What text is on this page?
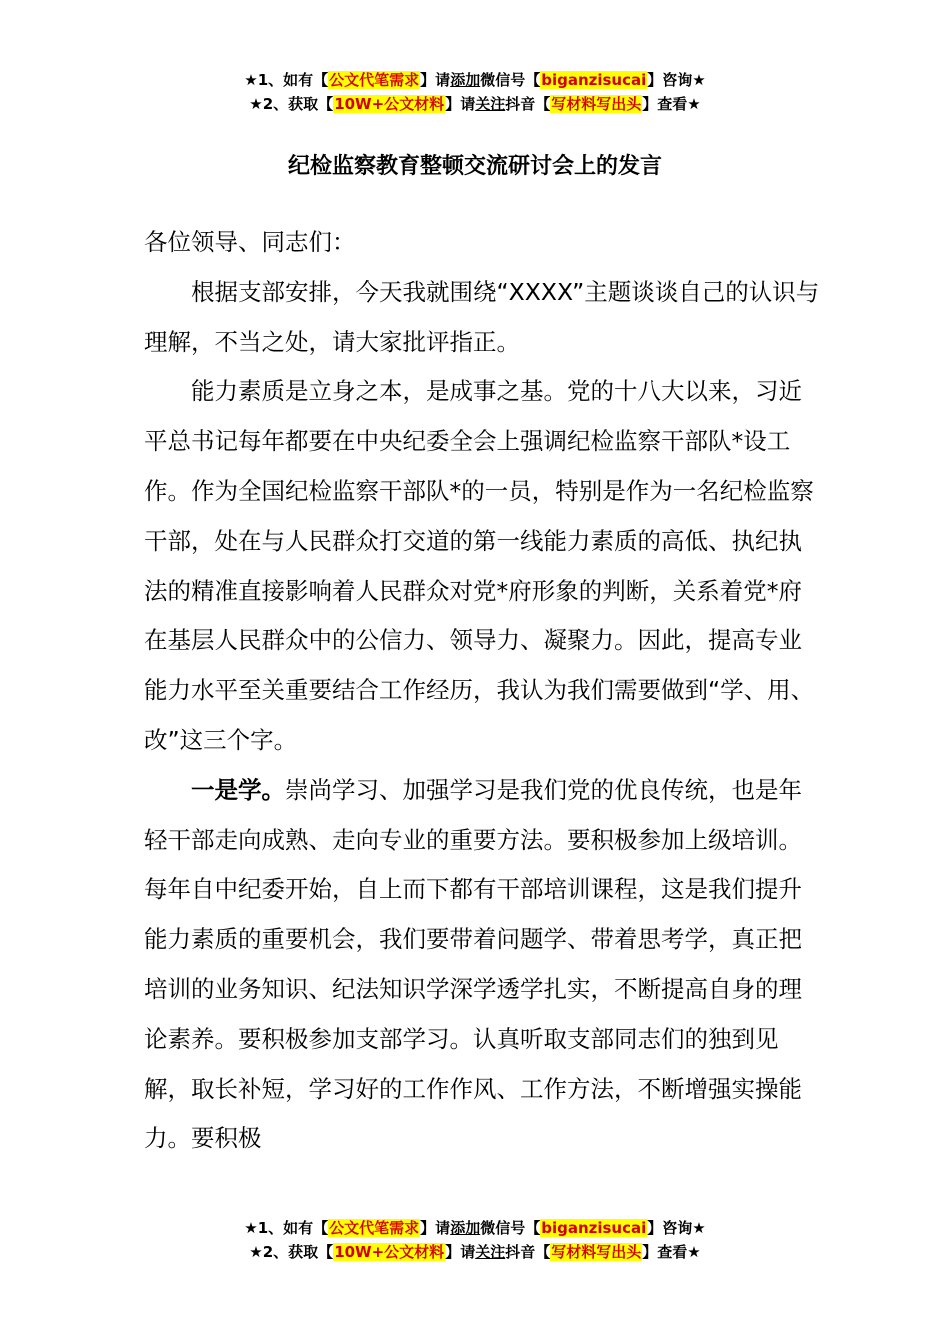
★1、如有【公文代笔需求】请添加微信号【biganzisucai】咨询★
★2、获取【10W+公文材料】请关注抖音【写材料写出头】查看★
纪检监察教育整顿交流研讨会上的发言

各位领导、同志们：

根据支部安排，今天我就围绕“XXXX”主题谈谈自己的认识与理解，不当之处，请大家批评指正。

能力素质是立身之本，是成事之基。党的十八大以来，习近平总书记每年都要在中央纪委全会上强调纪检监察干部队*设工作。作为全国纪检监察干部队*的一员，特别是作为一名纪检监察干部，处在与人民群众打交道的第一线能力素质的高低、执纪执法的精准直接影响着人民群众对党*府形象的判断，关系着党*府在基层人民群众中的公信力、领导力、凝聚力。因此，提高专业能力水平至关重要结合工作经历，我认为我们需要做到“学、用、改”这三个字。

一是学。崇尚学习、加强学习是我们党的优良传统，也是年轻干部走向成熟、走向专业的重要方法。要积极参加上级培训。每年自中纪委开始，自上而下都有干部培训课程，这是我们提升能力素质的重要机会，我们要带着问题学、带着思考学，真正把培训的业务知识、纪法知识学深学透学扎实，不断提高自身的理论素养。要积极参加支部学习。认真听取支部同志们的独到见解，取长补短，学习好的工作作风、工作方法，不断增强实操能力。要积极

★1、如有【公文代笔需求】请添加微信号【biganzisucai】咨询★
★2、获取【10W+公文材料】请关注抖音【写材料写出头】查看★
